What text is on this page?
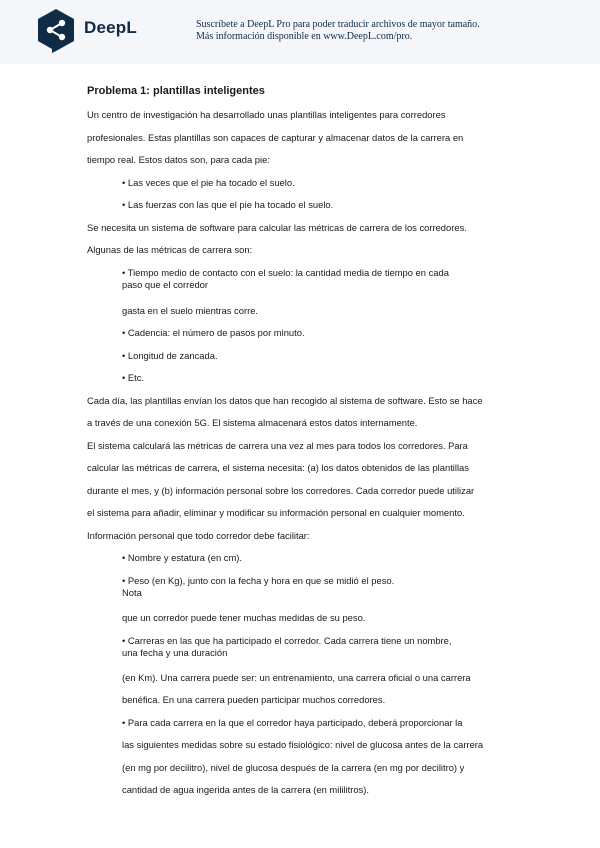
DeepL	Suscríbete a DeepL Pro para poder traducir archivos de mayor tamaño.
Más información disponible en www.DeepL.com/pro.
Problema 1: plantillas inteligentes
Un centro de investigación ha desarrollado unas plantillas inteligentes para corredores
profesionales. Estas plantillas son capaces de capturar y almacenar datos de la carrera en
tiempo real. Estos datos son, para cada pie:
• Las veces que el pie ha tocado el suelo.
• Las fuerzas con las que el pie ha tocado el suelo.
Se necesita un sistema de software para calcular las métricas de carrera de los corredores.
Algunas de las métricas de carrera son:
• Tiempo medio de contacto con el suelo: la cantidad media de tiempo en cada
paso que el corredor
gasta en el suelo mientras corre.
• Cadencia: el número de pasos por minuto.
• Longitud de zancada.
• Etc.
Cada día, las plantillas envían los datos que han recogido al sistema de software. Esto se hace
a través de una conexión 5G. El sistema almacenará estos datos internamente.
El sistema calculará las métricas de carrera una vez al mes para todos los corredores. Para
calcular las métricas de carrera, el sistema necesita: (a) los datos obtenidos de las plantillas
durante el mes, y (b) información personal sobre los corredores. Cada corredor puede utilizar
el sistema para añadir, eliminar y modificar su información personal en cualquier momento.
Información personal que todo corredor debe facilitar:
• Nombre y estatura (en cm).
• Peso (en Kg), junto con la fecha y hora en que se midió el peso.
Nota
que un corredor puede tener muchas medidas de su peso.
• Carreras en las que ha participado el corredor. Cada carrera tiene un nombre,
una fecha y una duración
(en Km). Una carrera puede ser: un entrenamiento, una carrera oficial o una carrera
benéfica. En una carrera pueden participar muchos corredores.
• Para cada carrera en la que el corredor haya participado, deberá proporcionar la
las siguientes medidas sobre su estado fisiológico: nivel de glucosa antes de la carrera
(en mg por decilitro), nivel de glucosa después de la carrera (en mg por decilitro) y
cantidad de agua ingerida antes de la carrera (en mililitros).
